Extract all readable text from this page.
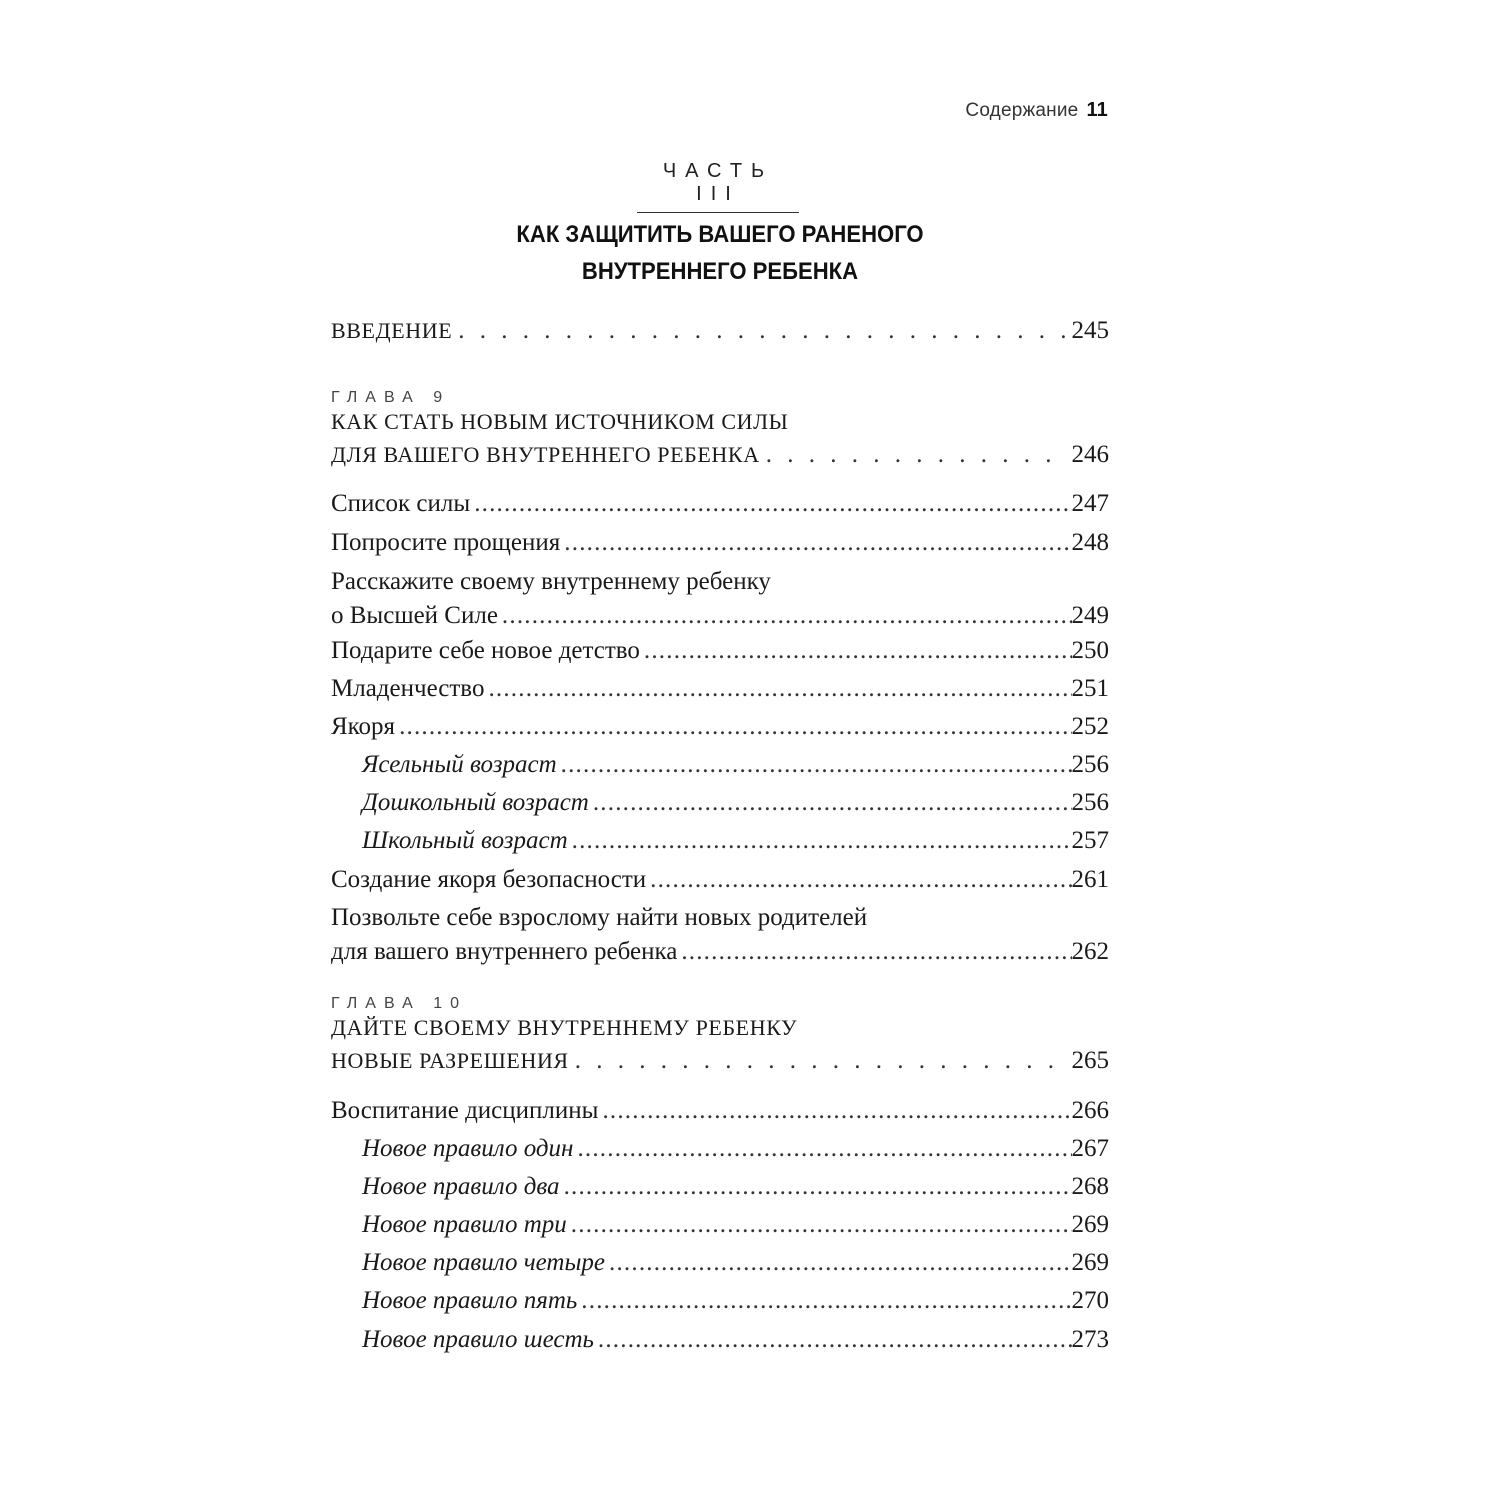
Содержание 11
ЧАСТЬ III
КАК ЗАЩИТИТЬ ВАШЕГО РАНЕНОГО
ВНУТРЕННЕГО РЕБЕНКА
ВВЕДЕНИЕ . . .	245
ГЛАВА 9
КАК СТАТЬ НОВЫМ ИСТОЧНИКОМ СИЛЫ
ДЛЯ ВАШЕГО ВНУТРЕННЕГО РЕБЕНКА . . .	246
Список силы .....	247
Попросите прощения .....	248
Расскажите своему внутреннему ребенку
о Высшей Силе .....	249
Подарите себе новое детство .....	250
Младенчество .....	251
Якоря .....	252
Ясельный возраст .....	256
Дошкольный возраст .....	256
Школьный возраст .....	257
Создание якоря безопасности .....	261
Позвольте себе взрослому найти новых родителей
для вашего внутреннего ребенка .....	262
ГЛАВА 10
ДАЙТЕ СВОЕМУ ВНУТРЕННЕМУ РЕБЕНКУ
НОВЫЕ РАЗРЕШЕНИЯ . . .	265
Воспитание дисциплины .....	266
Новое правило один .....	267
Новое правило два .....	268
Новое правило три .....	269
Новое правило четыре .....	269
Новое правило пять .....	270
Новое правило шесть .....	273
